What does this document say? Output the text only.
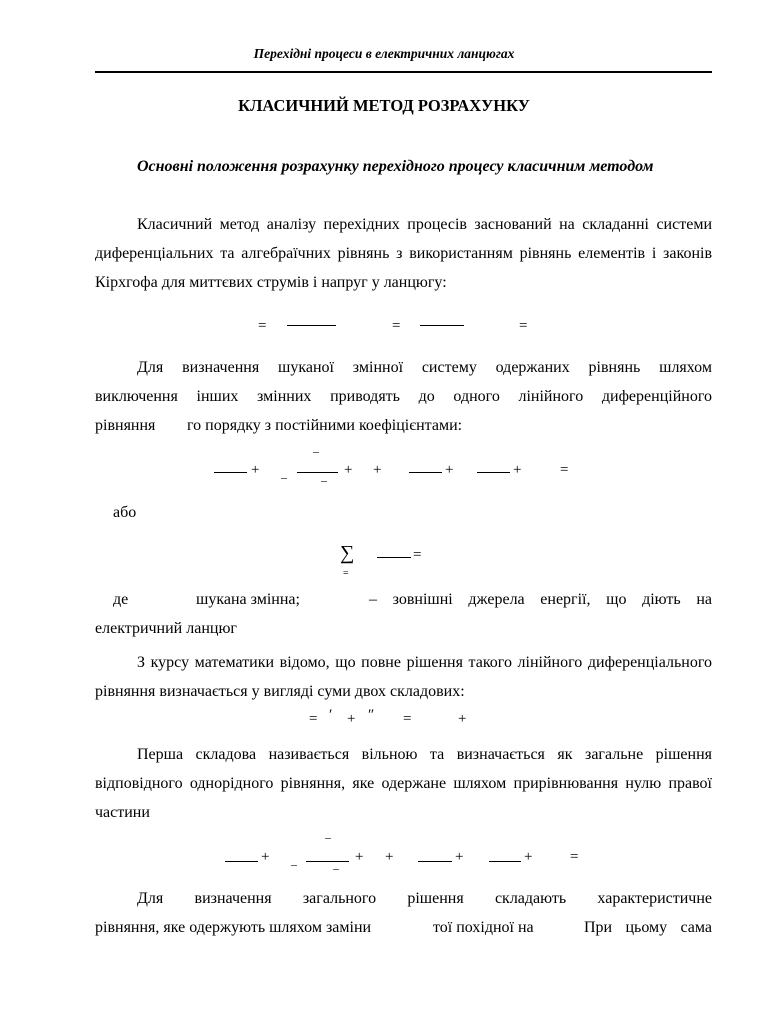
Перехідні процеси в електричних ланцюгах
КЛАСИЧНИЙ МЕТОД РОЗРАХУНКУ
Основні положення розрахунку перехідного процесу класичним методом
Класичний метод аналізу перехідних процесів заснований на складанні системи диференціальних та алгебраїчних рівнянь з використанням рівнянь елементів і законів Кірхгофа для миттєвих струмів і напруг у ланцюгу:
=	=	=
Для визначення шуканої змінної систему одержаних рівнянь шляхом
виключення інших змінних приводять до одного лінійного диференційного
рівняння го порядку з постійними коефіцієнтами:
+
–
–	–
+ +	+	+	=
або
∑
=
=
де	шукана змінна;	– зовнішні джерела енергії, що діють на
електричний ланцюг
З курсу математики відомо, що повне рішення такого лінійного диференціального рівняння визначається у вигляді суми двох складових:
= ′ + ″ =	+
Перша складова називається вільною та визначається як загальне рішення відповідного однорідного рівняння, яке одержане шляхом прирівнювання нулю правої частини
+
–
–	–
+ +	+	+	=
Для визначення загального рішення складають характеристичне
рівняння, яке одержують шляхом заміни	тої похідної на	При цьому сама
